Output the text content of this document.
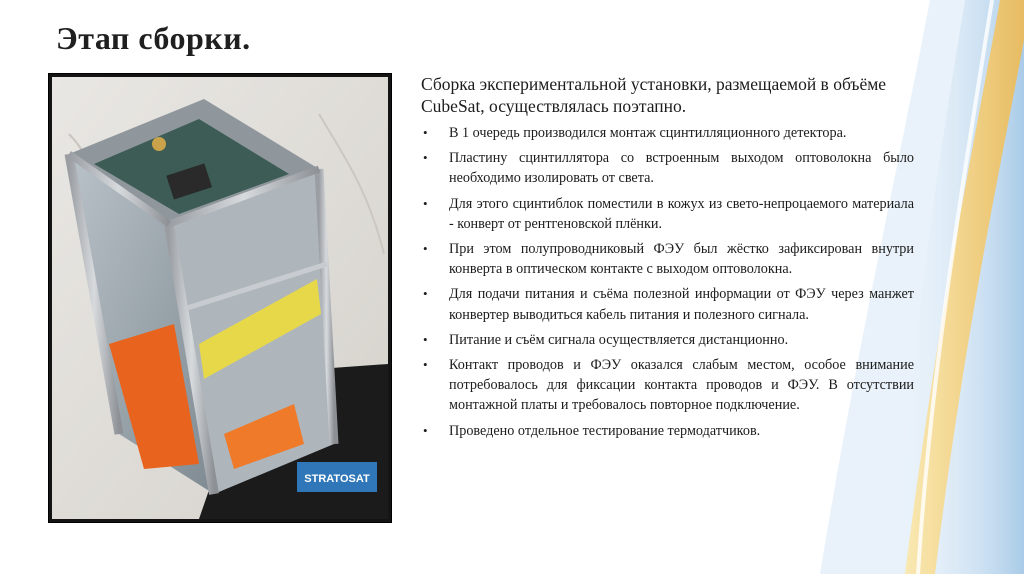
Этап сборки.
STRATOSAT

Сборка экспериментальной установки, размещаемой в объёме CubeSat, осуществлялась поэтапно.

• В 1 очередь производился монтаж сцинтилляционного детектора.
• Пластину сцинтиллятора со встроенным выходом оптоволокна было необходимо изолировать от света.
• Для этого сцинтиблок поместили в кожух из свето-непроцаемого материала - конверт от рентгеновской плёнки.
• При этом полупроводниковый ФЭУ был жёстко зафиксирован внутри конверта в оптическом контакте с выходом оптоволокна.
• Для подачи питания и съёма полезной информации от ФЭУ через манжет конвертер выводиться кабель питания и полезного сигнала.
• Питание и съём сигнала осуществляется дистанционно.
• Контакт проводов и ФЭУ оказался слабым местом, особое внимание потребовалось для фиксации контакта проводов и ФЭУ. В отсутствии монтажной платы и требовалось повторное подключение.
• Проведено отдельное тестирование термодатчиков.
